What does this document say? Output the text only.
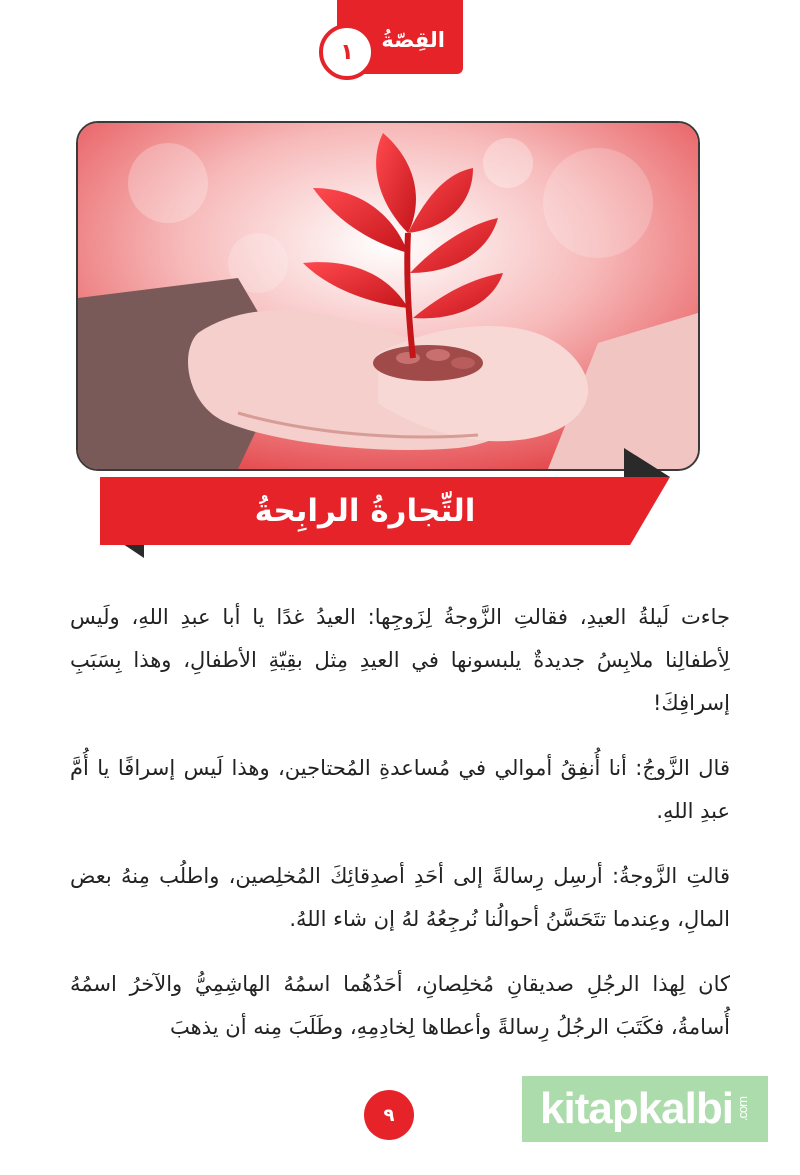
القِصّةُ
١
التِّجارةُ الرابِحةُ

جاءت لَيلةُ العيدِ، فقالتِ الزَّوجةُ لِزَوجِها: العيدُ غدًا يا أبا عبدِ اللهِ، ولَيس لِأطفالِنا ملابِسُ جديدةٌ يلبسونها في العيدِ مِثل بقِيّةِ الأطفالِ، وهذا بِسَبَبِ إسرافِكَ!

قال الزَّوجُ: أنا أُنفِقُ أموالي في مُساعدةِ المُحتاجين، وهذا لَيس إسرافًا يا أُمَّ عبدِ اللهِ.

قالتِ الزَّوجةُ: أرسِل رِسالةً إلى أحَدِ أصدِقائِكَ المُخلِصين، واطلُب مِنهُ بعض المالِ، وعِندما تتَحَسَّنُ أحوالُنا نُرجِعُهُ لهُ إن شاء اللهُ.

كان لِهذا الرجُلِ صديقانِ مُخلِصانِ، أحَدُهُما اسمُهُ الهاشِمِيُّ والآخرُ اسمُهُ أُسامةُ، فكَتَبَ الرجُلُ رِسالةً وأعطاها لِخادِمِهِ، وطَلَبَ مِنه أن يذهبَ

٩	kitapkalbi .com
